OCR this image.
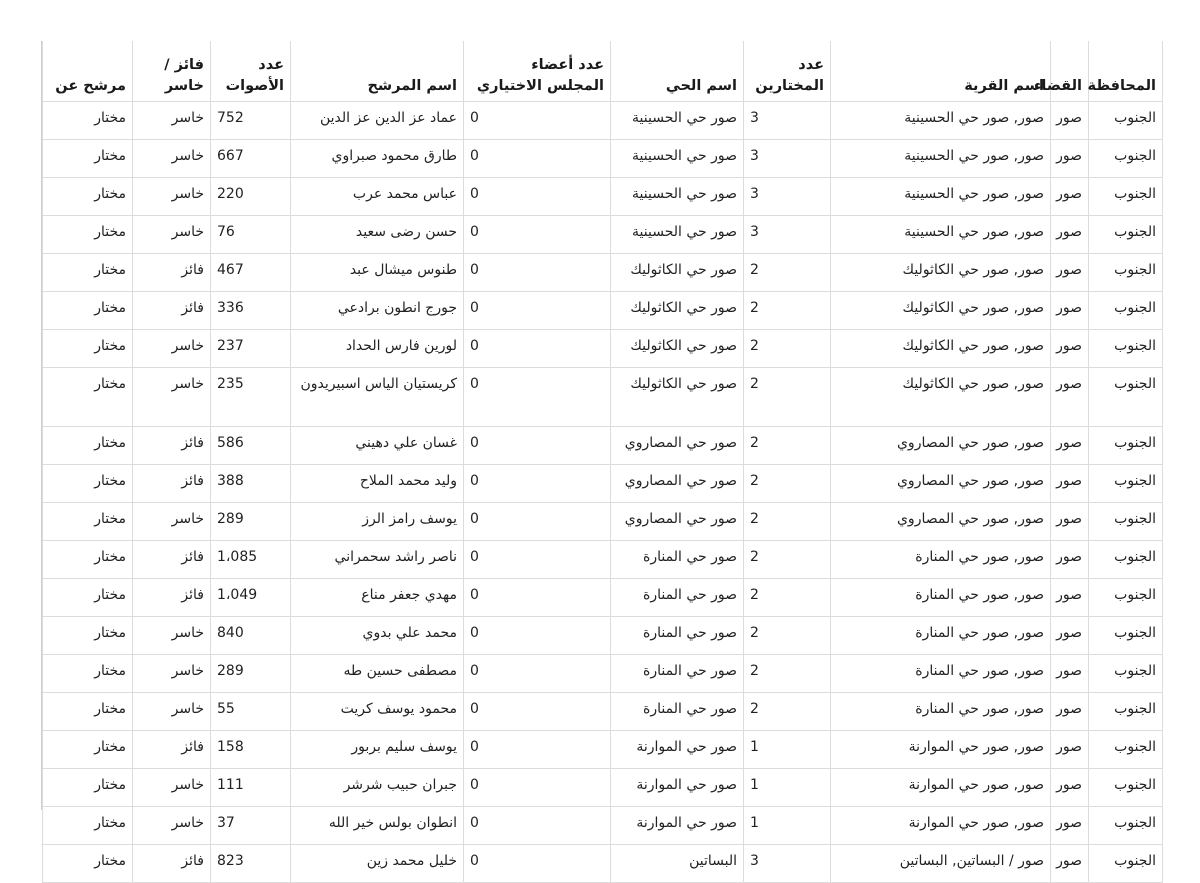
المحافظة	القضاء	اسم القرية	عدد المختارين	اسم الحي	عدد أعضاء المجلس الاختياري	اسم المرشح	عدد الأصوات	فائز / خاسر	مرشح عن
الجنوب	صور	صور, صور حي الحسينية	3	صور حي الحسينية	0	عماد عز الدين عز الدين	752	خاسر	مختار
الجنوب	صور	صور, صور حي الحسينية	3	صور حي الحسينية	0	طارق محمود صبراوي	667	خاسر	مختار
الجنوب	صور	صور, صور حي الحسينية	3	صور حي الحسينية	0	عباس محمد عرب	220	خاسر	مختار
الجنوب	صور	صور, صور حي الحسينية	3	صور حي الحسينية	0	حسن رضى سعيد	76	خاسر	مختار
الجنوب	صور	صور, صور حي الكاثوليك	2	صور حي الكاثوليك	0	طنوس ميشال عبد	467	فائز	مختار
الجنوب	صور	صور, صور حي الكاثوليك	2	صور حي الكاثوليك	0	جورج انطون برادعي	336	فائز	مختار
الجنوب	صور	صور, صور حي الكاثوليك	2	صور حي الكاثوليك	0	لورين فارس الحداد	237	خاسر	مختار
الجنوب	صور	صور, صور حي الكاثوليك	2	صور حي الكاثوليك	0	كريستيان الياس اسبيريدون	235	خاسر	مختار
الجنوب	صور	صور, صور حي المصاروي	2	صور حي المصاروي	0	غسان علي دهيني	586	فائز	مختار
الجنوب	صور	صور, صور حي المصاروي	2	صور حي المصاروي	0	وليد محمد الملاح	388	فائز	مختار
الجنوب	صور	صور, صور حي المصاروي	2	صور حي المصاروي	0	يوسف رامز الرز	289	خاسر	مختار
الجنوب	صور	صور, صور حي المنارة	2	صور حي المنارة	0	ناصر راشد سحمراني	1،085	فائز	مختار
الجنوب	صور	صور, صور حي المنارة	2	صور حي المنارة	0	مهدي جعفر مناع	1،049	فائز	مختار
الجنوب	صور	صور, صور حي المنارة	2	صور حي المنارة	0	محمد علي بدوي	840	خاسر	مختار
الجنوب	صور	صور, صور حي المنارة	2	صور حي المنارة	0	مصطفى حسين طه	289	خاسر	مختار
الجنوب	صور	صور, صور حي المنارة	2	صور حي المنارة	0	محمود يوسف كريت	55	خاسر	مختار
الجنوب	صور	صور, صور حي الموارنة	1	صور حي الموارنة	0	يوسف سليم بربور	158	فائز	مختار
الجنوب	صور	صور, صور حي الموارنة	1	صور حي الموارنة	0	جبران حبيب شرشر	111	خاسر	مختار
الجنوب	صور	صور, صور حي الموارنة	1	صور حي الموارنة	0	انطوان بولس خير الله	37	خاسر	مختار
الجنوب	صور	صور / البساتين, البساتين	3	البساتين	0	خليل محمد زين	823	فائز	مختار
